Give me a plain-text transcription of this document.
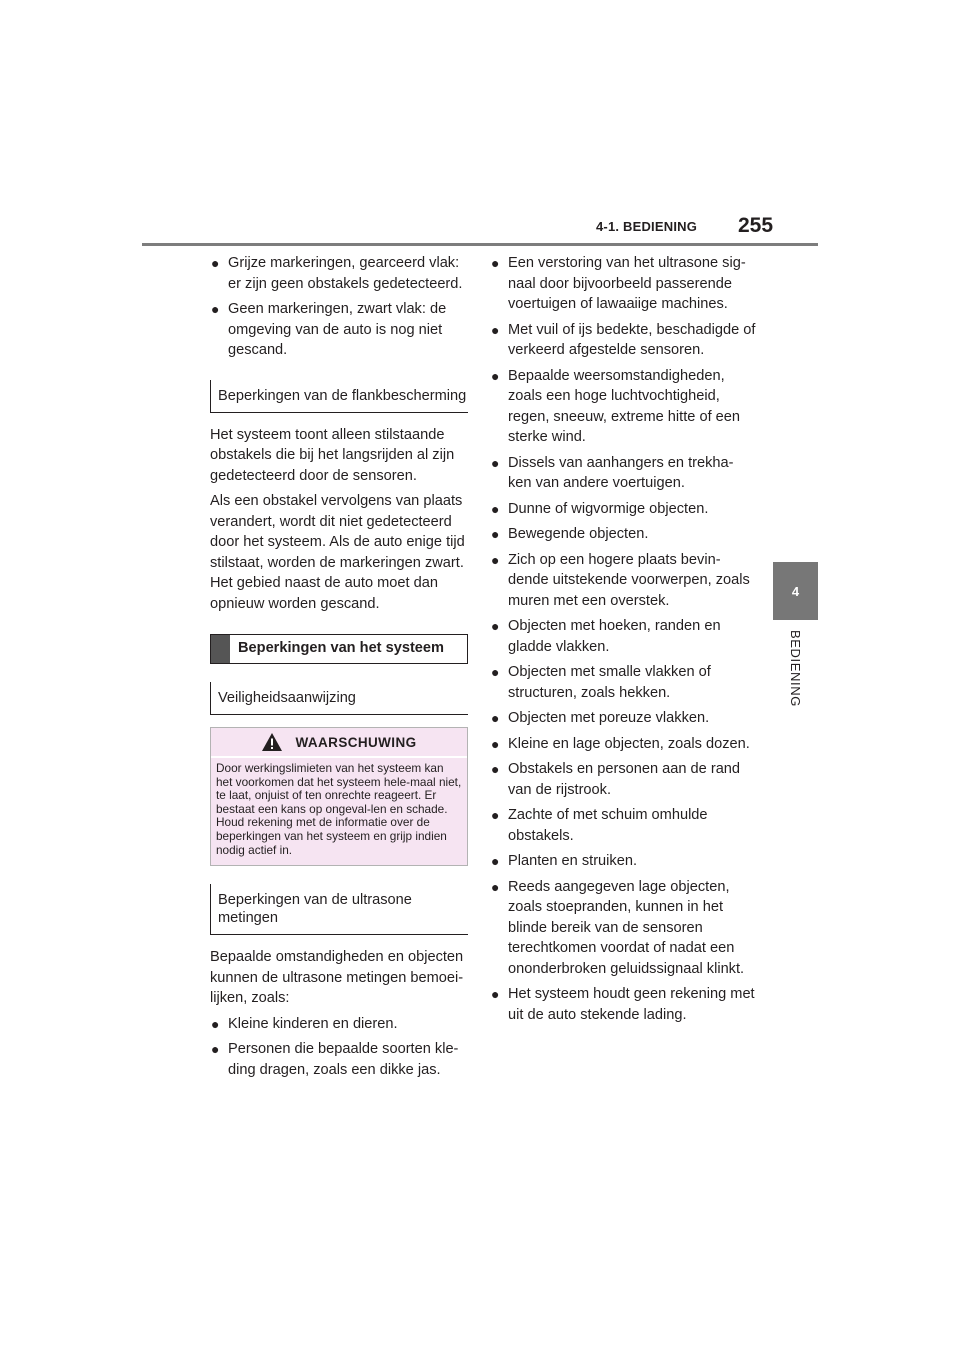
4-1. BEDIENING 255
4
BEDIENING
● Grijze markeringen, gearceerd vlak: er zijn geen obstakels gedetecteerd.
● Geen markeringen, zwart vlak: de omgeving van de auto is nog niet gescand.
Beperkingen van de flankbescherming

Het systeem toont alleen stilstaande obstakels die bij het langsrijden al zijn gedetecteerd door de sensoren.

Als een obstakel vervolgens van plaats verandert, wordt dit niet gedetecteerd door het systeem. Als de auto enige tijd stilstaat, worden de markeringen zwart. Het gebied naast de auto moet dan opnieuw worden gescand.

Beperkingen van het systeem
Veiligheidsaanwijzing
WAARSCHUWING
Door werkingslimieten van het systeem kan het voorkomen dat het systeem hele-maal niet, te laat, onjuist of ten onrechte reageert. Er bestaat een kans op ongeval-len en schade. Houd rekening met de informatie over de beperkingen van het systeem en grijp indien nodig actief in.
Beperkingen van de ultrasone metingen

Bepaalde omstandigheden en objecten kunnen de ultrasone metingen bemoei-lijken, zoals:

● Kleine kinderen en dieren.
● Personen die bepaalde soorten kle-ding dragen, zoals een dikke jas.
● Een verstoring van het ultrasone sig-naal door bijvoorbeeld passerende voertuigen of lawaaiige machines.
● Met vuil of ijs bedekte, beschadigde of verkeerd afgestelde sensoren.
● Bepaalde weersomstandigheden, zoals een hoge luchtvochtigheid, regen, sneeuw, extreme hitte of een sterke wind.
● Dissels van aanhangers en trekha-ken van andere voertuigen.
● Dunne of wigvormige objecten.
● Bewegende objecten.
● Zich op een hogere plaats bevin-dende uitstekende voorwerpen, zoals muren met een overstek.
● Objecten met hoeken, randen en gladde vlakken.
● Objecten met smalle vlakken of structuren, zoals hekken.
● Objecten met poreuze vlakken.
● Kleine en lage objecten, zoals dozen.
● Obstakels en personen aan de rand van de rijstrook.
● Zachte of met schuim omhulde obstakels.
● Planten en struiken.
● Reeds aangegeven lage objecten, zoals stoepranden, kunnen in het blinde bereik van de sensoren terechtkomen voordat of nadat een ononderbroken geluidssignaal klinkt.
● Het systeem houdt geen rekening met uit de auto stekende lading.
